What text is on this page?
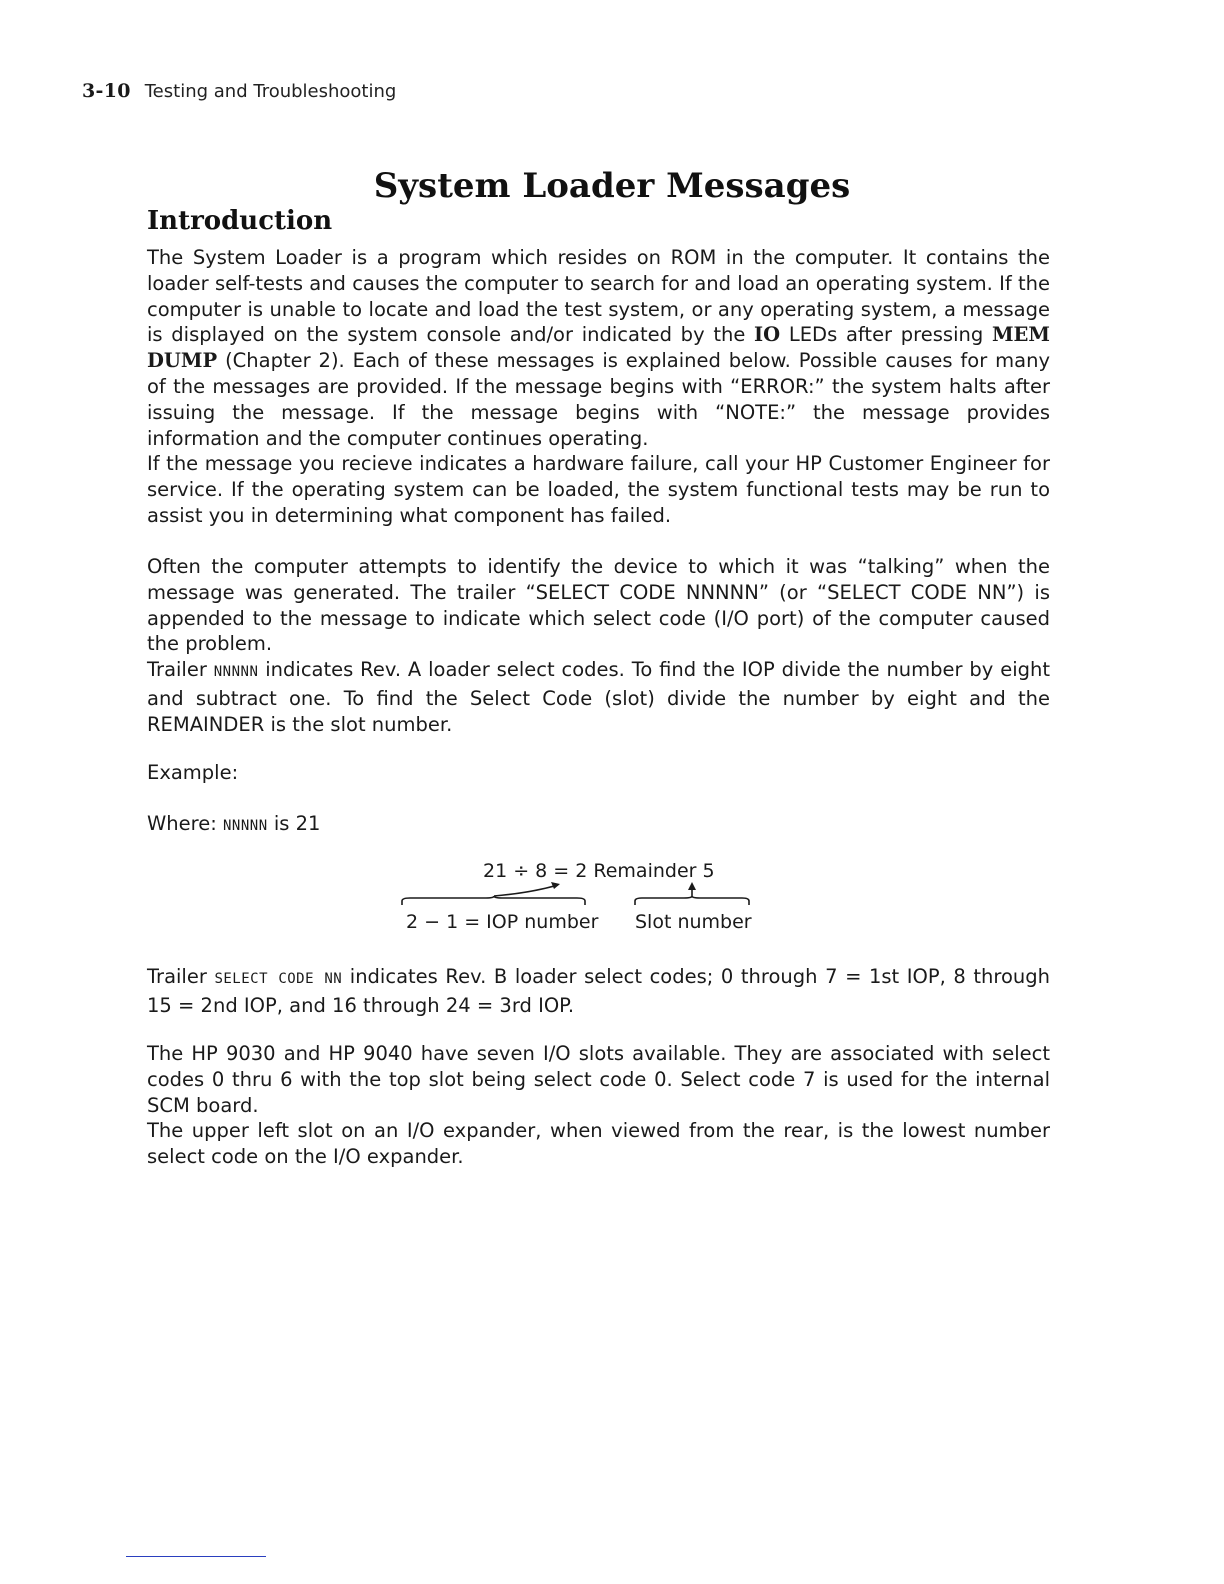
3-10 Testing and Troubleshooting
System Loader Messages
Introduction

The System Loader is a program which resides on ROM in the computer. It contains the loader self-tests and causes the computer to search for and load an operating system. If the computer is unable to locate and load the test system, or any operating system, a message is displayed on the system console and/or indicated by the IO LEDs after pressing MEM DUMP (Chapter 2). Each of these messages is explained below. Possible causes for many of the messages are provided. If the message begins with “ERROR:” the system halts after issuing the message. If the message begins with “NOTE:” the message provides information and the computer continues operating.

If the message you recieve indicates a hardware failure, call your HP Customer Engineer for service. If the operating system can be loaded, the system functional tests may be run to assist you in determining what component has failed.

Often the computer attempts to identify the device to which it was “talking” when the message was generated. The trailer “SELECT CODE NNNNN” (or “SELECT CODE NN”) is appended to the message to indicate which select code (I/O port) of the computer caused the problem.

Trailer NNNNN indicates Rev. A loader select codes. To find the IOP divide the number by eight and subtract one. To find the Select Code (slot) divide the number by eight and the REMAINDER is the slot number.

Example:

Where: NNNNN is 21

21 ÷ 8 = 2 Remainder 5
2 − 1 = IOP number Slot number

Trailer SELECT CODE NN indicates Rev. B loader select codes; 0 through 7 = 1st IOP, 8 through 15 = 2nd IOP, and 16 through 24 = 3rd IOP.

The HP 9030 and HP 9040 have seven I/O slots available. They are associated with select codes 0 thru 6 with the top slot being select code 0. Select code 7 is used for the internal SCM board.

The upper left slot on an I/O expander, when viewed from the rear, is the lowest number select code on the I/O expander.
